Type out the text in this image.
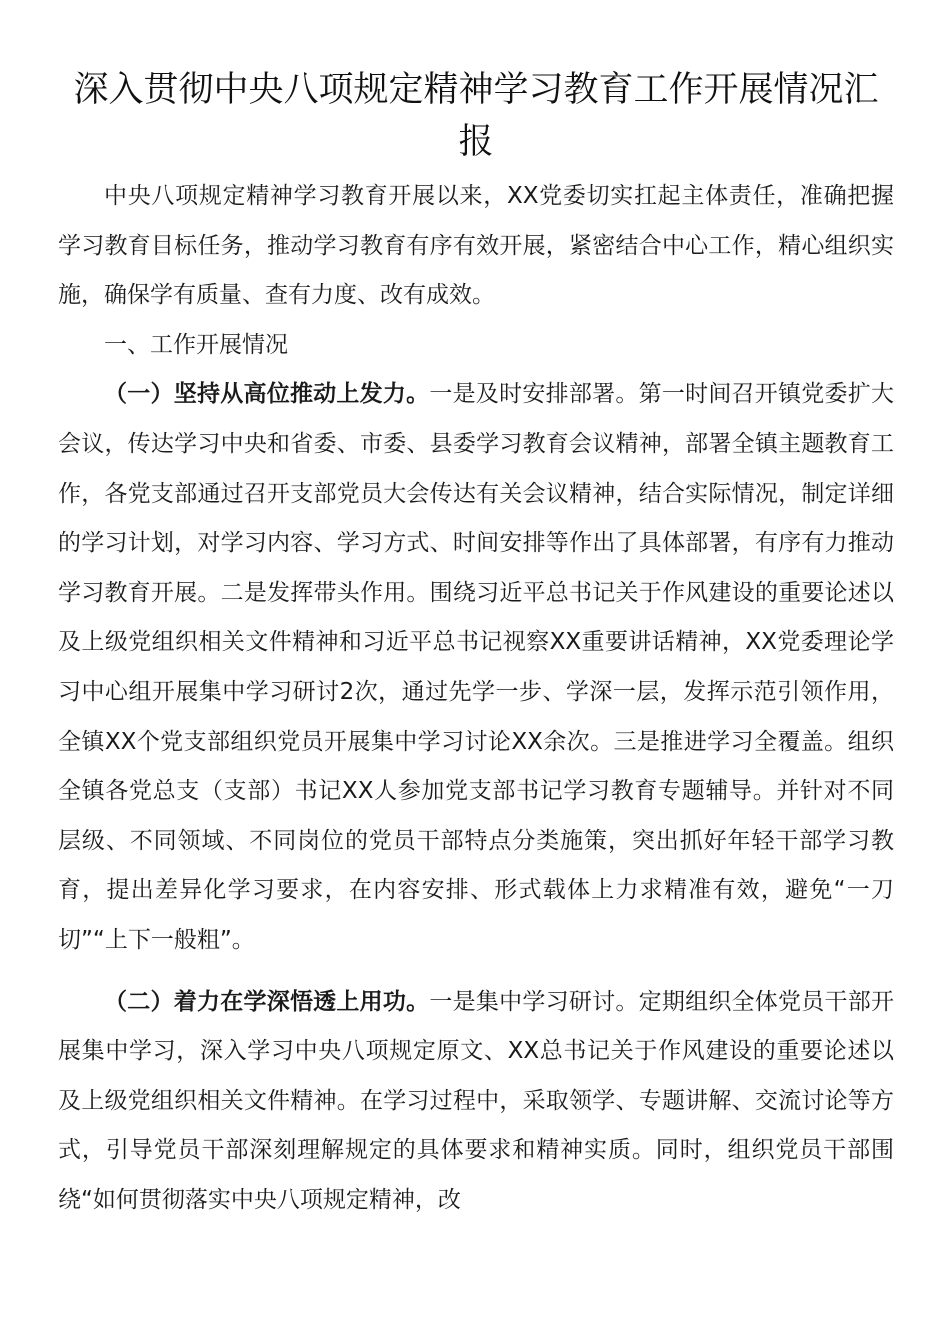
深入贯彻中央八项规定精神学习教育工作开展情况汇报

中央八项规定精神学习教育开展以来，XX党委切实扛起主体责任，准确把握学习教育目标任务，推动学习教育有序有效开展，紧密结合中心工作，精心组织实施，确保学有质量、查有力度、改有成效。

一、工作开展情况

（一）坚持从高位推动上发力。一是及时安排部署。第一时间召开镇党委扩大会议，传达学习中央和省委、市委、县委学习教育会议精神，部署全镇主题教育工作，各党支部通过召开支部党员大会传达有关会议精神，结合实际情况，制定详细的学习计划，对学习内容、学习方式、时间安排等作出了具体部署，有序有力推动学习教育开展。二是发挥带头作用。围绕习近平总书记关于作风建设的重要论述以及上级党组织相关文件精神和习近平总书记视察XX重要讲话精神，XX党委理论学习中心组开展集中学习研讨2次，通过先学一步、学深一层，发挥示范引领作用，全镇XX个党支部组织党员开展集中学习讨论XX余次。三是推进学习全覆盖。组织全镇各党总支（支部）书记XX人参加党支部书记学习教育专题辅导。并针对不同层级、不同领域、不同岗位的党员干部特点分类施策，突出抓好年轻干部学习教育，提出差异化学习要求，在内容安排、形式载体上力求精准有效，避免“一刀切”“上下一般粗”。

（二）着力在学深悟透上用功。一是集中学习研讨。定期组织全体党员干部开展集中学习，深入学习中央八项规定原文、XX总书记关于作风建设的重要论述以及上级党组织相关文件精神。在学习过程中，采取领学、专题讲解、交流讨论等方式，引导党员干部深刻理解规定的具体要求和精神实质。同时，组织党员干部围绕“如何贯彻落实中央八项规定精神，改
